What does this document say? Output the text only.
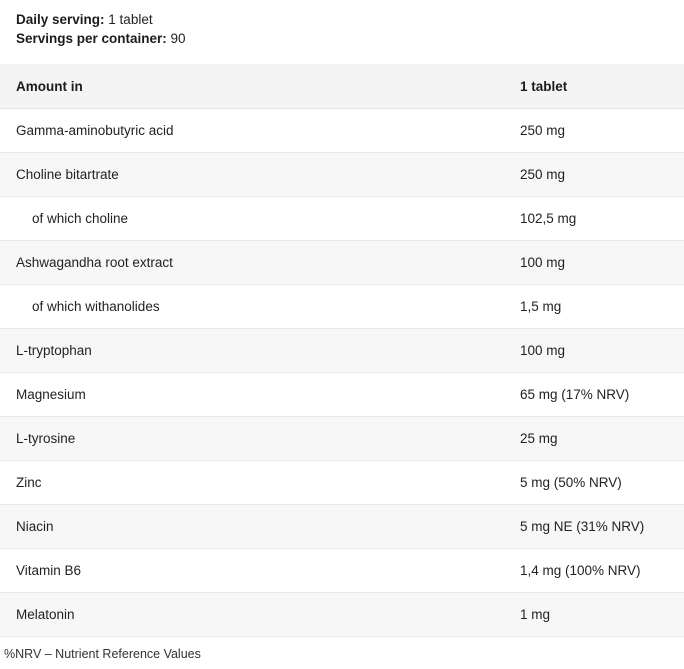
Daily serving: 1 tablet
Servings per container: 90
Amount in	1 tablet
Gamma-aminobutyric acid	250 mg
Choline bitartrate	250 mg
of which choline	102,5 mg
Ashwagandha root extract	100 mg
of which withanolides	1,5 mg
L-tryptophan	100 mg
Magnesium	65 mg (17% NRV)
L-tyrosine	25 mg
Zinc	5 mg (50% NRV)
Niacin	5 mg NE (31% NRV)
Vitamin B6	1,4 mg (100% NRV)
Melatonin	1 mg
%NRV – Nutrient Reference Values
